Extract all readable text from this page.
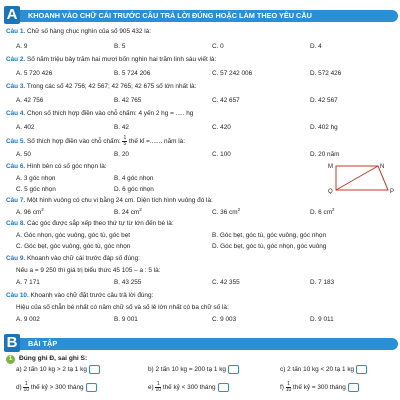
KHOANH VÀO CHỮ CÁI TRƯỚC CÂU TRẢ LỜI ĐÚNG HOẶC LÀM THEO YÊU CẦU
A
Câu 1. Chữ số hàng chục nghìn của số 905 432 là:
A. 9	B. 5	C. 0	D. 4
Câu 2. Số năm triệu bảy trăm hai mươi bốn nghìn hai trăm linh sáu viết là:
A. 5 720 426	B. 5 724 206	C. 57 242 006	D. 572 426
Câu 3. Trong các số 42 756; 42 567; 42 765; 42 675 số lớn nhất là:
A. 42 756	B. 42 765	C. 42 657	D. 42 567
Câu 4. Chọn số thích hợp điền vào chỗ chấm: 4 yến 2 hg = ..... hg
A. 402	B. 42	C. 420	D. 402 hg
Câu 5. Số thích hợp điền vào chỗ chấm: $\frac{1}{5}$ thế kỉ =....... năm là:
A. 50	B. 20	C. 100	D. 20 năm
Câu 6. Hình bên có số góc nhọn là:
A. 3 góc nhọn	B. 4 góc nhọn
C. 5 góc nhọn	D. 6 góc nhọn
M	N
Q	P
Câu 7. Một hình vuông có chu vi bằng 24 cm. Diện tích hình vuông đó là:
A. 96 $cm^2$	B. 24 $cm^2$	C. 36 $cm^2$	D. 6 $cm^2$
Câu 8. Các góc được sắp xếp theo thứ tự từ lớn đến bé là:
A. Góc nhọn, góc vuông, góc tù, góc bẹt	B. Góc bẹt, góc tù, góc vuông, góc nhọn
C. Góc bẹt, góc vuông, góc tù, góc nhọn	D. Góc bẹt, góc tù, góc nhọn, góc vuông
Câu 9. Khoanh vào chữ cái trước đáp số đúng:
Nếu a = 9 250 thì giá trị biểu thức 45 105 – a : 5 là:
A. 7 171	B. 43 255	C. 42 355	D. 7 183
Câu 10. Khoanh vào chữ đặt trước câu trả lời đúng:
Hiệu của số chẵn bé nhất có năm chữ số và số lẻ lớn nhất có ba chữ số là:
A. 9 002	B. 9 001	C. 9 003	D. 9 011
BÀI TẬP
B
1 Đúng ghi Đ, sai ghi S:
a) 2 tấn 10 kg > 2 tạ 1 kg	b) 2 tấn 10 kg = 200 tạ 1 kg	c) 2 tấn 10 kg < 20 tạ 1 kg
$d) \frac{1}{10}$ thế kỷ > 300 tháng	$e) \frac{1}{10}$ thế kỷ < 300 tháng	$f) \frac{1}{10}$ thế kỷ = 300 tháng
